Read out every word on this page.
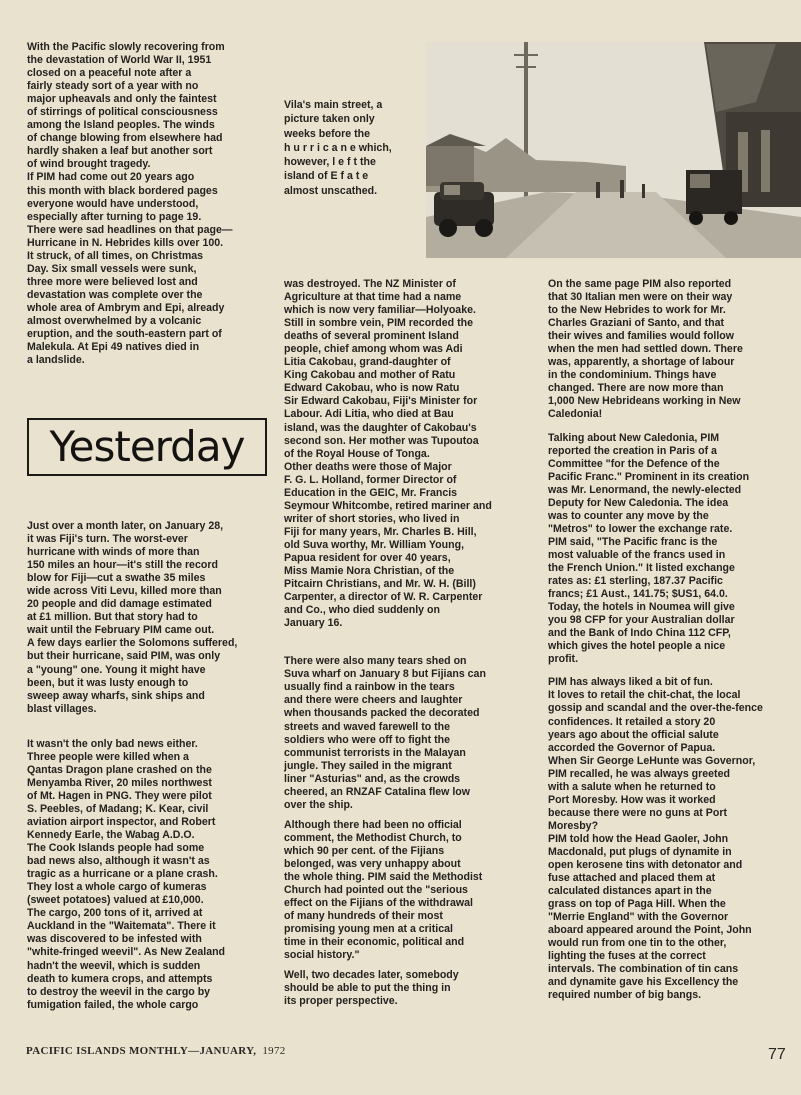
With the Pacific slowly recovering from
the devastation of World War II, 1951
closed on a peaceful note after a
fairly steady sort of a year with no
major upheavals and only the faintest
of stirrings of political consciousness
among the Island peoples. The winds
of change blowing from elsewhere had
hardly shaken a leaf but another sort
of wind brought tragedy.
If PIM had come out 20 years ago
this month with black bordered pages
everyone would have understood,
especially after turning to page 19.
There were sad headlines on that page—
Hurricane in N. Hebrides kills over 100.
It struck, of all times, on Christmas
Day. Six small vessels were sunk,
three more were believed lost and
devastation was complete over the
whole area of Ambrym and Epi, already
almost overwhelmed by a volcanic
eruption, and the south-eastern part of
Malekula. At Epi 49 natives died in
a landslide.

Yesterday

Just over a month later, on January 28,
it was Fiji's turn. The worst-ever
hurricane with winds of more than
150 miles an hour—it's still the record
blow for Fiji—cut a swathe 35 miles
wide across Viti Levu, killed more than
20 people and did damage estimated
at £1 million. But that story had to
wait until the February PIM came out.
A few days earlier the Solomons suffered,
but their hurricane, said PIM, was only
a "young" one. Young it might have
been, but it was lusty enough to
sweep away wharfs, sink ships and
blast villages.

It wasn't the only bad news either.
Three people were killed when a
Qantas Dragon plane crashed on the
Menyamba River, 20 miles northwest
of Mt. Hagen in PNG. They were pilot
S. Peebles, of Madang; K. Kear, civil
aviation airport inspector, and Robert
Kennedy Earle, the Wabag A.D.O.
The Cook Islands people had some
bad news also, although it wasn't as
tragic as a hurricane or a plane crash.
They lost a whole cargo of kumeras
(sweet potatoes) valued at £10,000.
The cargo, 200 tons of it, arrived at
Auckland in the "Waitemata". There it
was discovered to be infested with
"white-fringed weevil". As New Zealand
hadn't the weevil, which is sudden
death to kumera crops, and attempts
to destroy the weevil in the cargo by
fumigation failed, the whole cargo

Vila's main street, a
picture taken only
weeks before the
h u r r i c a n e which,
however, l e f t the
island of E f a t e
almost unscathed.

was destroyed. The NZ Minister of
Agriculture at that time had a name
which is now very familiar—Holyoake.
Still in sombre vein, PIM recorded the
deaths of several prominent Island
people, chief among whom was Adi
Litia Cakobau, grand-daughter of
King Cakobau and mother of Ratu
Edward Cakobau, who is now Ratu
Sir Edward Cakobau, Fiji's Minister for
Labour. Adi Litia, who died at Bau
island, was the daughter of Cakobau's
second son. Her mother was Tupoutoa
of the Royal House of Tonga.
Other deaths were those of Major
F. G. L. Holland, former Director of
Education in the GEIC, Mr. Francis
Seymour Whitcombe, retired mariner and
writer of short stories, who lived in
Fiji for many years, Mr. Charles B. Hill,
old Suva worthy, Mr. William Young,
Papua resident for over 40 years,
Miss Mamie Nora Christian, of the
Pitcairn Christians, and Mr. W. H. (Bill)
Carpenter, a director of W. R. Carpenter
and Co., who died suddenly on
January 16.

There were also many tears shed on
Suva wharf on January 8 but Fijians can
usually find a rainbow in the tears
and there were cheers and laughter
when thousands packed the decorated
streets and waved farewell to the
soldiers who were off to fight the
communist terrorists in the Malayan
jungle. They sailed in the migrant
liner "Asturias" and, as the crowds
cheered, an RNZAF Catalina flew low
over the ship.

Although there had been no official
comment, the Methodist Church, to
which 90 per cent. of the Fijians
belonged, was very unhappy about
the whole thing. PIM said the Methodist
Church had pointed out the "serious
effect on the Fijians of the withdrawal
of many hundreds of their most
promising young men at a critical
time in their economic, political and
social history."

Well, two decades later, somebody
should be able to put the thing in
its proper perspective.

On the same page PIM also reported
that 30 Italian men were on their way
to the New Hebrides to work for Mr.
Charles Graziani of Santo, and that
their wives and families would follow
when the men had settled down. There
was, apparently, a shortage of labour
in the condominium. Things have
changed. There are now more than
1,000 New Hebrideans working in New
Caledonia!

Talking about New Caledonia, PIM
reported the creation in Paris of a
Committee "for the Defence of the
Pacific Franc." Prominent in its creation
was Mr. Lenormand, the newly-elected
Deputy for New Caledonia. The idea
was to counter any move by the
"Metros" to lower the exchange rate.
PIM said, "The Pacific franc is the
most valuable of the francs used in
the French Union." It listed exchange
rates as: £1 sterling, 187.37 Pacific
francs; £1 Aust., 141.75; $US1, 64.0.
Today, the hotels in Noumea will give
you 98 CFP for your Australian dollar
and the Bank of Indo China 112 CFP,
which gives the hotel people a nice
profit.

PIM has always liked a bit of fun.
It loves to retail the chit-chat, the local
gossip and scandal and the over-the-fence
confidences. It retailed a story 20
years ago about the official salute
accorded the Governor of Papua.
When Sir George LeHunte was Governor,
PIM recalled, he was always greeted
with a salute when he returned to
Port Moresby. How was it worked
because there were no guns at Port
Moresby?
PIM told how the Head Gaoler, John
Macdonald, put plugs of dynamite in
open kerosene tins with detonator and
fuse attached and placed them at
calculated distances apart in the
grass on top of Paga Hill. When the
"Merrie England" with the Governor
aboard appeared around the Point, John
would run from one tin to the other,
lighting the fuses at the correct
intervals. The combination of tin cans
and dynamite gave his Excellency the
required number of big bangs.

PACIFIC ISLANDS MONTHLY—JANUARY, 1972	77
